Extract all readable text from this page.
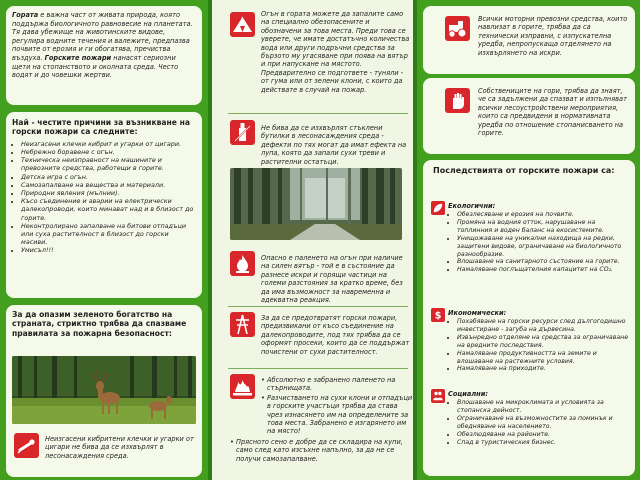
Гората е важна част от живата природа, която поддържа биологичното равновесие на планетата. Тя дава убежище на животинските видове, регулира водните течения и валежите, предпазва почвите от ерозия и ги обогатява, пречиства въздуха. Горските пожари нанасят сериозни щети на стопанството и околната среда. Често водят и до човешки жертви.
Най - честите причини за възникване на горски пожари са следните:
• Неизгасени клечки кибрит и угарки от цигари.
• Небрежно боравене с огън.
• Техническа неизправност на машините и превозните средства, работещи в горите.
• Детска игра с огън.
• Самозапалване на вещества и материали.
• Природни явления (мълнии).
• Късо съединение и аварии на електрически далекопроводи, които минават над и в близост до горите.
• Неконтролирано запалване на битови отпадъци или суха растителност в близост до горски масиви.
• Умисъл!!!
За да опазим зеленото богатство на страната, стриктно трябва да спазваме правилата за пожарна безопасност:
Неизгасени кибритени клечки и угарки от цигари не бива да се изхвърлят в лесонасаждения среда.
Огън в гората можете да запалите само на специално обезопасените и обозначени за това места. Преди това се уверете, че имате достатъчно количества вода или други подръчни средства за бързото му угасяване при поява на вятър и при напускане на мястото. Предварително се подгответе - туняли - от гума или от зелени клони, с които да действате в случай на пожар.
Не бива да се изхвърлят стъклени бутилки в лесонасаждения среда - дефекти по тях могат да имат ефекта на лупа, която да запали сухи треви и растителни остатъци.
Опасно е паленето на огън при наличие на силен вятър - той е в състояние да разнесе искри и горящи частици на големи разстояния за кратко време, без да има възможност за навременна и адекватна реакция.
За да се предотвратят горски пожари, предизвикани от късо съединение на далекопроводите, под тях трябва да се оформят просеки, които да се поддържат почистени от сухи растителност.
• Абсолютно е забранено паленето на стърнищата.
• Разчистването на сухи клони и отпадъци в горските участъци трябва да става чрез изнасянето им на определените за това места. Забранено е изгарянето им на място!
• Прясното сено е добре да се складира на купи, само след като изсъхне напълно, за да не се получи самозапалване.
Всички моторни превозни средства, които навлизат в горите, трябва да са технически изправни, с изпускателна уредба, непропускаща отделянето на изхвърлянето на искри.
Собствениците на гори, трябва да знаят, че са задължени да спазват и изпълняват всички лесоустройствени мероприятия, които са предвидени в нормативната уредба по отношение стопанисването на горите.
Последствията от горските пожари са:
Екологични:
• Обезлесяване и ерозия на почвите.
• Промяна на водния отток, нарушаване на топлинния и воден баланс на екосистемите.
• Унищожаване на уникални находища на редки, защитени видове, ограничаване на биологичното разнообразие.
• Влошаване на санитарното състояние на горите.
• Намаляване поглъщателния капацитет на CO₂.
$ Икономически:
• Похабяване на горски ресурси след дългогодишно инвестиране - загуба на дървесина.
• Извънредно отделяне на средства за ограничаване на вредните последствия.
• Намаляване продуктивността на земите и влошаване на растежните условия.
• Намаляване на приходите.
Социални:
• Влошаване на микроклимата и условията за стопанска дейност.
• Ограничаване на възможностите за поминък и обедняване на населението.
• Обезлюдяване на районите.
• Спад в туристическия бизнес.
